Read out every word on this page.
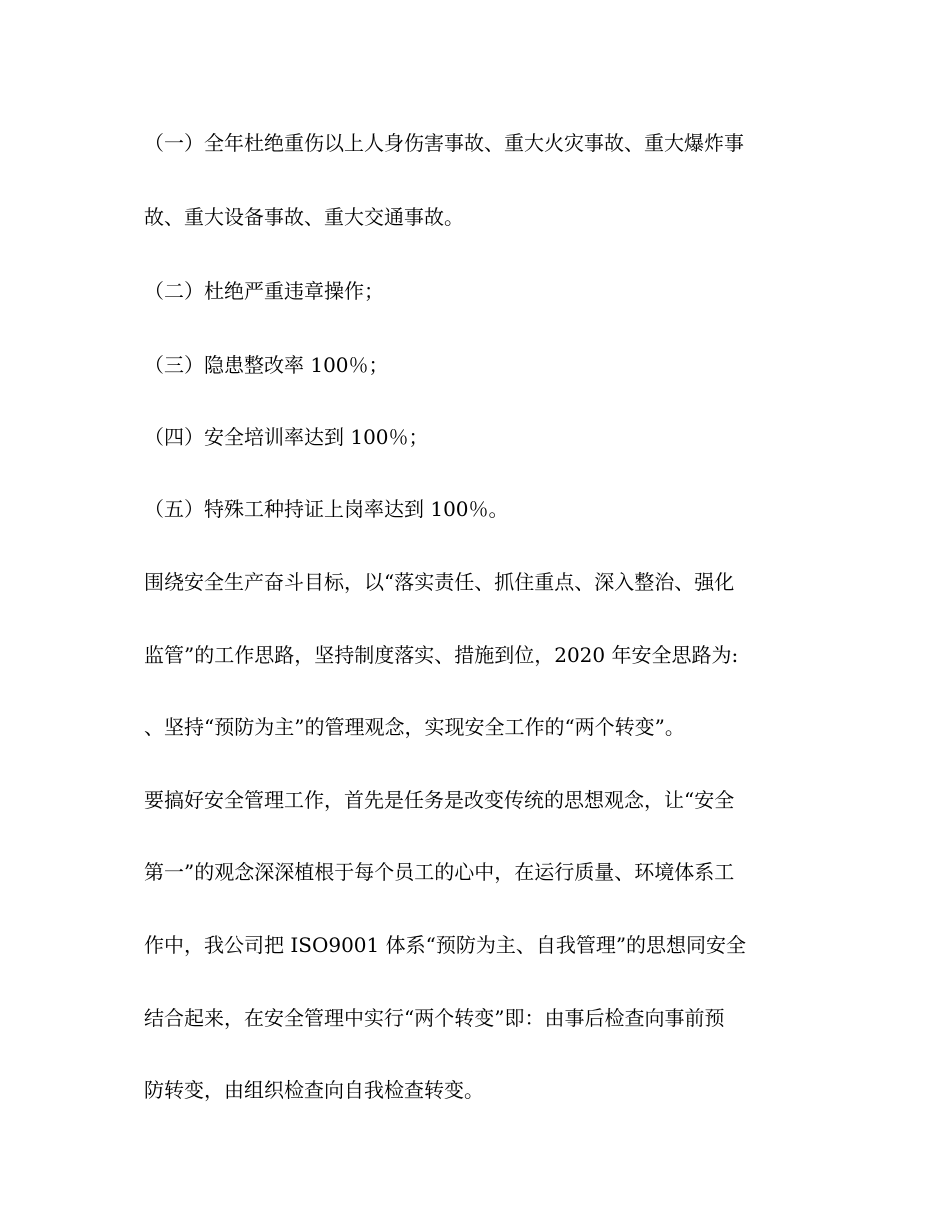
（一）全年杜绝重伤以上人身伤害事故、重大火灾事故、重大爆炸事
故、重大设备事故、重大交通事故。
（二）杜绝严重违章操作；
（三）隐患整改率 100％；
（四）安全培训率达到 100％；
（五）特殊工种持证上岗率达到 100％。
围绕安全生产奋斗目标，以“落实责任、抓住重点、深入整治、强化
监管”的工作思路，坚持制度落实、措施到位，2020 年安全思路为:
、坚持“预防为主”的管理观念，实现安全工作的“两个转变”。
要搞好安全管理工作，首先是任务是改变传统的思想观念，让“安全
第一”的观念深深植根于每个员工的心中，在运行质量、环境体系工
作中，我公司把 ISO9001 体系“预防为主、自我管理”的思想同安全
结合起来，在安全管理中实行“两个转变”即：由事后检查向事前预
防转变，由组织检查向自我检查转变。
